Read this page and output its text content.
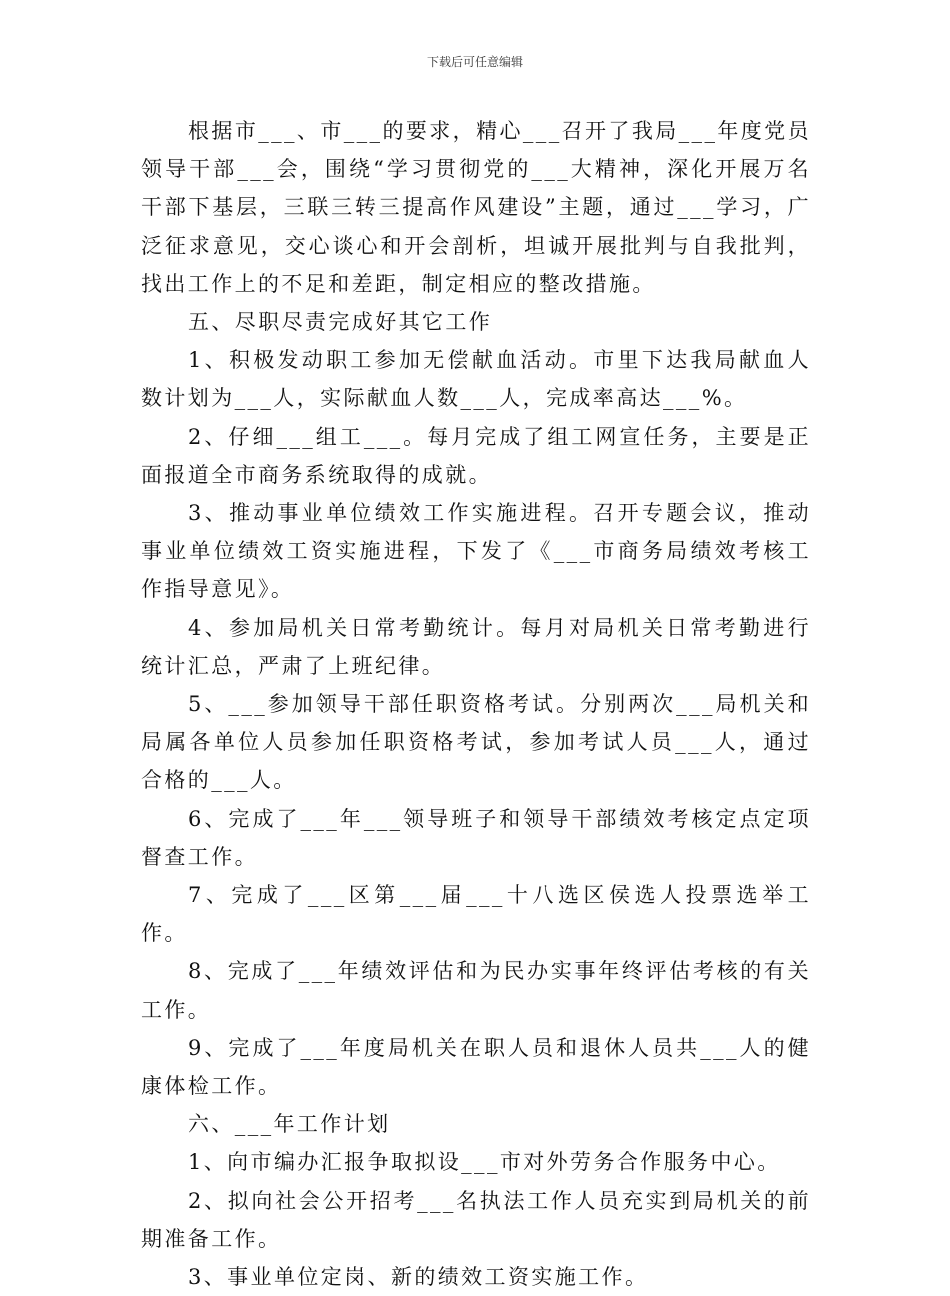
下载后可任意编辑

根据市___、市___的要求，精心___召开了我局___年度党员领导干部___会，围绕“学习贯彻党的___大精神，深化开展万名干部下基层，三联三转三提高作风建设”主题，通过___学习，广泛征求意见，交心谈心和开会剖析，坦诚开展批判与自我批判，找出工作上的不足和差距，制定相应的整改措施。

五、尽职尽责完成好其它工作

1、积极发动职工参加无偿献血活动。市里下达我局献血人数计划为___人，实际献血人数___人，完成率高达___%。

2、仔细___组工___。每月完成了组工网宣任务，主要是正面报道全市商务系统取得的成就。

3、推动事业单位绩效工作实施进程。召开专题会议，推动事业单位绩效工资实施进程，下发了《___市商务局绩效考核工作指导意见》。

4、参加局机关日常考勤统计。每月对局机关日常考勤进行统计汇总，严肃了上班纪律。

5、___参加领导干部任职资格考试。分别两次___局机关和局属各单位人员参加任职资格考试，参加考试人员___人，通过合格的___人。

6、完成了___年___领导班子和领导干部绩效考核定点定项督查工作。

7、完成了___区第___届___十八选区侯选人投票选举工作。

8、完成了___年绩效评估和为民办实事年终评估考核的有关工作。

9、完成了___年度局机关在职人员和退休人员共___人的健康体检工作。

六、___年工作计划

1、向市编办汇报争取拟设___市对外劳务合作服务中心。

2、拟向社会公开招考___名执法工作人员充实到局机关的前期准备工作。

3、事业单位定岗、新的绩效工资实施工作。
